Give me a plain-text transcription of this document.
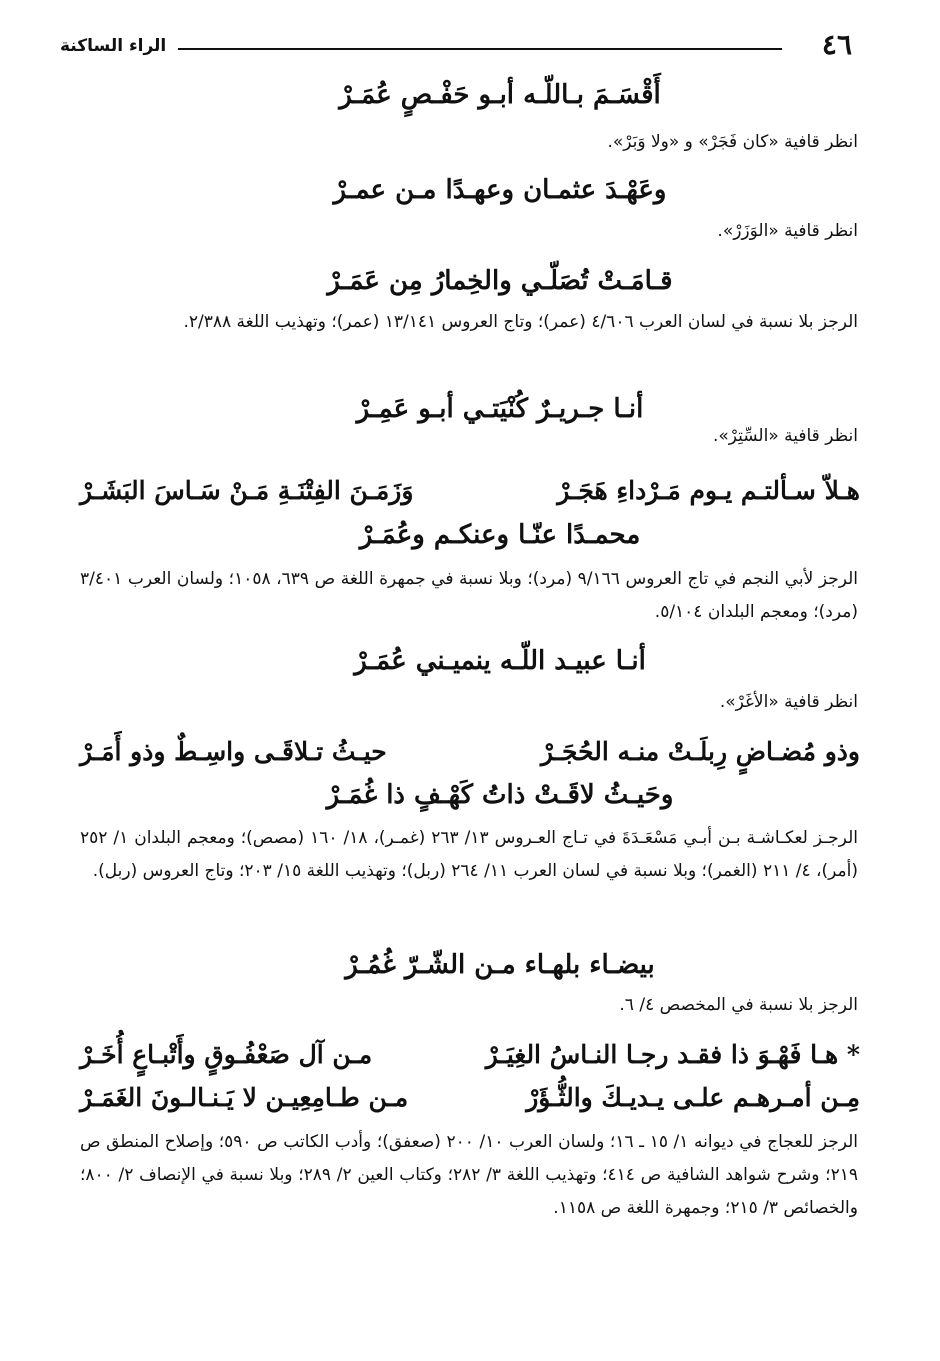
٤٦
الراء الساكنة
أَقْسَـمَ بـاللّـه أبـو حَفْـصٍ عُمَـرْ
انظر قافية «كان فَجَرْ» و «ولا وَبَرْ».
وعَهْـدَ عثمـان وعهـدًا مـن عمـرْ
انظر قافية «الوَزَرْ».
قـامَـتْ تُصَلّـي والخِمارُ مِن عَمَـرْ
الرجز بلا نسبة في لسان العرب ٤/٦٠٦ (عمر)؛ وتاج العروس ١٣/١٤١ (عمر)؛ وتهذيب اللغة ٢/٣٨٨.
أنـا جـريـرٌ كُنْيَتـي أبـو عَمِـرْ
انظر قافية «السِّتِرْ».
هـلاّ سـألتـم يـوم مَـرْداءِ هَجَـرْ
وَزَمَـنَ الفِتْنَـةِ مَـنْ سَـاسَ البَشَـرْ
محمـدًا عنّـا وعنكـم وعُمَـرْ
الرجز لأبي النجم في تاج العروس ٩/١٦٦ (مرد)؛ وبلا نسبة في جمهرة اللغة ص ٦٣٩، ١٠٥٨؛ ولسان العرب ٣/٤٠١ (مرد)؛ ومعجم البلدان ٥/١٠٤.
أنـا عبيـد اللّـه ينميـني عُمَـرْ
انظر قافية «الأغَرْ».
وذو مُضـاضٍ رِبلَـتْ منـه الحُجَـرْ
حيـثُ تـلاقَـى واسِـطٌ وذو أَمَـرْ
وحَيـثُ لاقَـتْ ذاتُ كَهْـفٍ ذا غُمَـرْ
الرجـز لعكـاشـة بـن أبـي مَسْعَـدَةَ في تـاج العـروس ١٣/ ٢٦٣ (غمـر)، ١٨/ ١٦٠ (مصص)؛ ومعجم البلدان ١/ ٢٥٢ (أمر)، ٤/ ٢١١ (الغمر)؛ وبلا نسبة في لسان العرب ١١/ ٢٦٤ (ربل)؛ وتهذيب اللغة ١٥/ ٢٠٣؛ وتاج العروس (ربل).
بيضـاء بلهـاء مـن الشّـرّ غُمُـرْ
الرجز بلا نسبة في المخصص ٤/ ٦.
* هـا فَهْـوَ ذا فقـد رجـا النـاسُ الغِيَـرْ
مـن آل صَعْفُـوقٍ وأَتْبـاعٍ أُخَـرْ
مِـن أمـرهـم علـى يـديـكَ والثُّـؤَرْ
مـن طـامِعِيـن لا يَـنـالـونَ الغَمَـرْ
الرجز للعجاج في ديوانه ١/ ١٥ ـ ١٦؛ ولسان العرب ١٠/ ٢٠٠ (صعفق)؛ وأدب الكاتب ص ٥٩٠؛ وإصلاح المنطق ص ٢١٩؛ وشرح شواهد الشافية ص ٤١٤؛ وتهذيب اللغة ٣/ ٢٨٢؛ وكتاب العين ٢/ ٢٨٩؛ وبلا نسبة في الإنصاف ٢/ ٨٠٠؛ والخصائص ٣/ ٢١٥؛ وجمهرة اللغة ص ١١٥٨.
